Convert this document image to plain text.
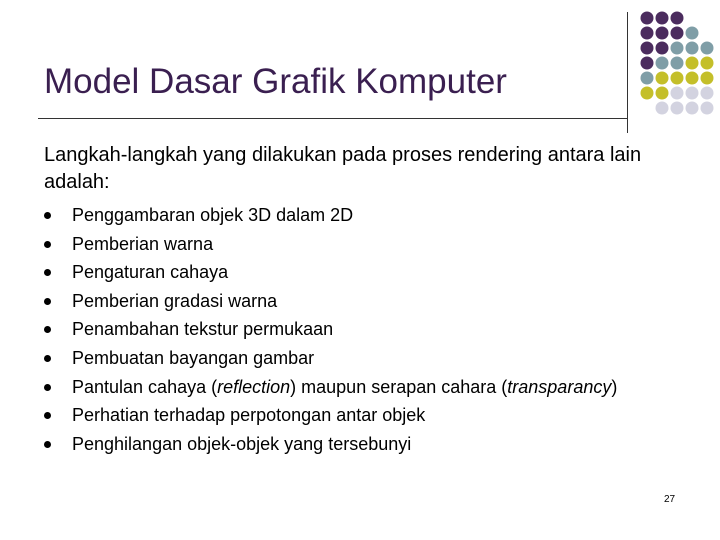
Model Dasar Grafik Komputer
Langkah-langkah yang dilakukan pada proses rendering antara lain adalah:
Penggambaran objek 3D dalam 2D
Pemberian warna
Pengaturan cahaya
Pemberian gradasi warna
Penambahan tekstur permukaan
Pembuatan bayangan gambar
Pantulan cahaya (reflection) maupun serapan cahara (transparancy)
Perhatian terhadap perpotongan antar objek
Penghilangan objek-objek yang tersebunyi
27
